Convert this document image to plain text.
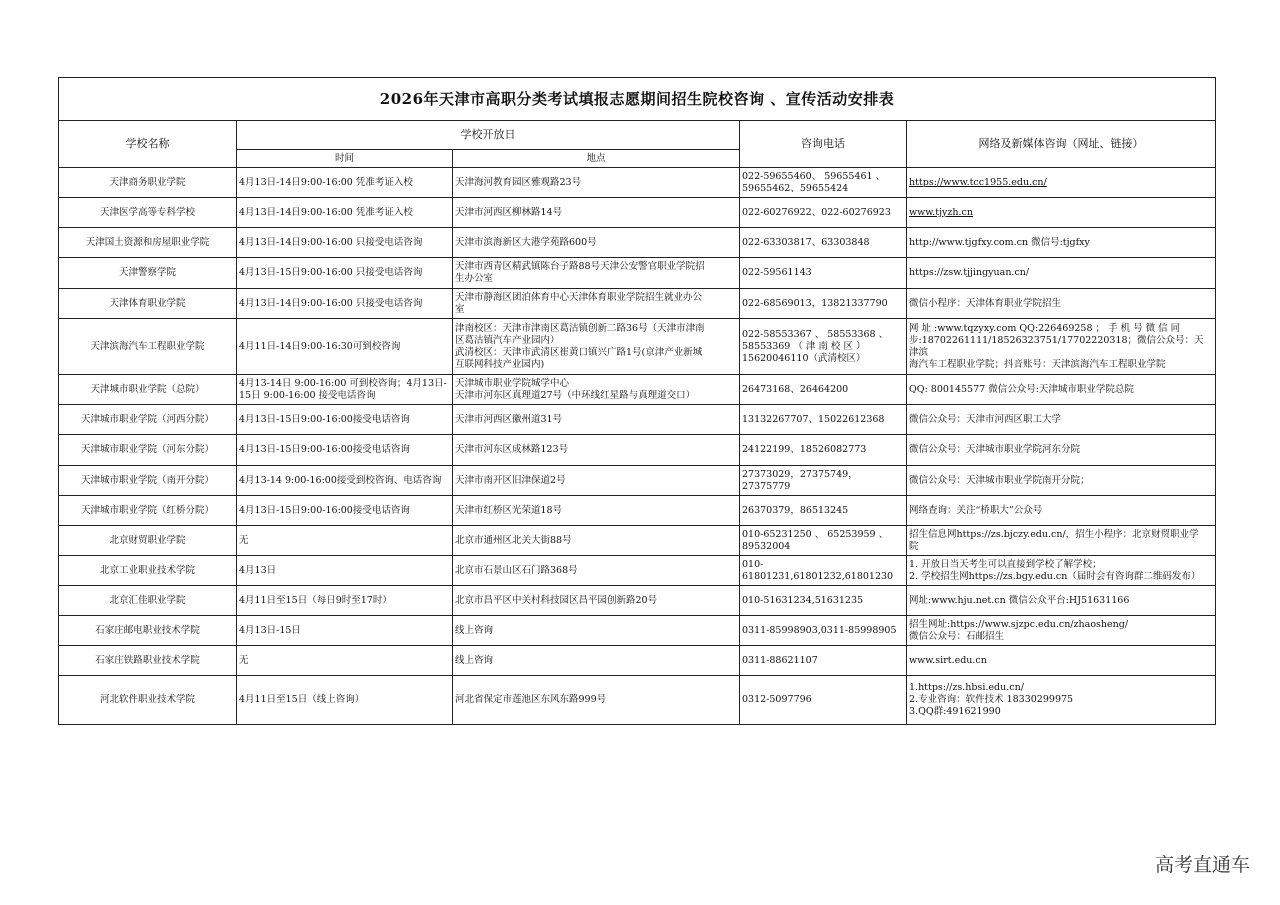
2026年天津市高职分类考试填报志愿期间招生院校咨询 、宣传活动安排表				
学校名称	学校开放日		咨询电话	网络及新媒体咨询（网址、链接）
	时间	地点		
天津商务职业学院	4月13日-14日9:00-16:00 凭准考证入校	天津海河教育园区雅观路23号	022-59655460、 59655461 、
59655462、59655424	https://www.tcc1955.edu.cn/

天津医学高等专科学校	4月13日-14日9:00-16:00 凭准考证入校	天津市河西区柳林路14号	022-60276922、022-60276923	www.tjyzh.cn

天津国土资源和房屋职业学院	4月13日-14日9:00-16:00 只接受电话咨询	天津市滨海新区大港学苑路600号	022-63303817、63303848	http://www.tjgfxy.com.cn 微信号:tjgfxy

天津警察学院	4月13日-15日9:00-16:00 只接受电话咨询	天津市西青区精武镇陈台子路88号天津公安警官职业学院招
生办公室	022-59561143	https://zsw.tjjingyuan.cn/

天津体育职业学院	4月13日-14日9:00-16:00 只接受电话咨询	天津市静海区团泊体育中心天津体育职业学院招生就业办公
室	022-68569013，13821337790	微信小程序：天津体育职业学院招生

天津滨海汽车工程职业学院	4月11日-14日9:00-16:30可到校咨询	津南校区：天津市津南区葛沽镇创新二路36号（天津市津南
区葛沽镇汽车产业园内）
武清校区：天津市武清区崔黄口镇兴广路1号(京津产业新城
互联网科技产业园内)	022-58553367 、 58553368 、
58553369 （ 津 南 校 区 ）
15620046110（武清校区）	网 址 :www.tqzyxy.com QQ:226469258 ； 手 机 号 微 信 同
步:18702261111/18526323751/17702220318；微信公众号：天津滨
海汽车工程职业学院；抖音账号：天津滨海汽车工程职业学院

天津城市职业学院（总院）	4月13-14日 9:00-16:00 可到校咨询；4月13日-
15日 9:00-16:00 接受电话咨询	天津城市职业学院城学中心
天津市河东区真理道27号（中环线红星路与真理道交口）	26473168、26464200	QQ: 800145577 微信公众号:天津城市职业学院总院

天津城市职业学院（河西分院）	4月13日-15日9:00-16:00接受电话咨询	天津市河西区徽州道31号	13132267707、15022612368	微信公众号：天津市河西区职工大学

天津城市职业学院（河东分院）	4月13日-15日9:00-16:00接受电话咨询	天津市河东区成林路123号	24122199、18526082773	微信公众号：天津城市职业学院河东分院

天津城市职业学院（南开分院）	4月13-14 9:00-16:00接受到校咨询、电话咨询	天津市南开区旧津保道2号	27373029，27375749，27375779	微信公众号：天津城市职业学院南开分院；

天津城市职业学院（红桥分院）	4月13日-15日9:00-16:00接受电话咨询	天津市红桥区光荣道18号	26370379，86513245	网络查询：关注“桥职大”公众号

北京财贸职业学院	无	北京市通州区北关大街88号	010-65231250 、 65253959 、
89532004	招生信息网https://zs.bjczy.edu.cn/，招生小程序：北京财贸职业学
院

北京工业职业技术学院	4月13日	北京市石景山区石门路368号	010-61801231,61801232,61801230	1. 开放日当天考生可以直接到学校了解学校；
2. 学校招生网https://zs.bgy.edu.cn（届时会有咨询群二维码发布）

北京汇佳职业学院	4月11日至15日（每日9时至17时）	北京市昌平区中关村科技园区昌平园创新路20号	010-51631234,51631235	网址:www.hju.net.cn 微信公众平台:HJ51631166

石家庄邮电职业技术学院	4月13日-15日	线上咨询	0311-85998903,0311-85998905	招生网址:https://www.sjzpc.edu.cn/zhaosheng/
微信公众号：石邮招生

石家庄铁路职业技术学院	无	线上咨询	0311-88621107	www.sirt.edu.cn

河北软件职业技术学院	4月11日至15日（线上咨询）	河北省保定市莲池区东风东路999号	0312-5097796	1.https://zs.hbsi.edu.cn/
2.专业咨询：软件技术 18330299975
3.QQ群:491621990
高考直通车
